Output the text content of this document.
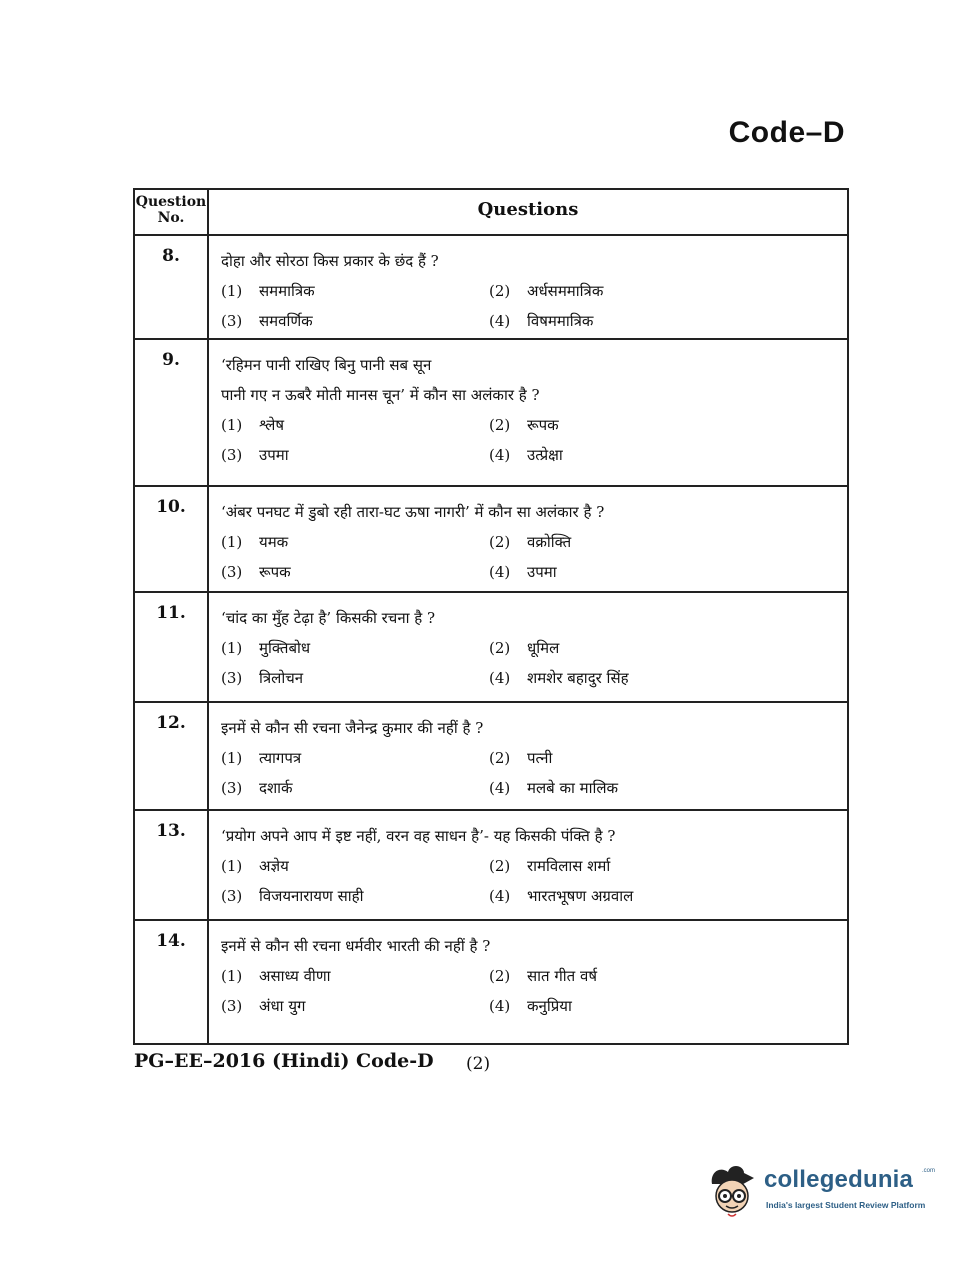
Code–D
Question
No.	Questions
8.	दोहा और सोरठा किस प्रकार के छंद हैं ?
(1)	सममात्रिक	(2)	अर्धसममात्रिक
(3)	समवर्णिक	(4)	विषममात्रिक
9.	‘रहिमन पानी राखिए बिनु पानी सब सून
पानी गए न ऊबरै मोती मानस चून’ में कौन सा अलंकार है ?
(1)	श्लेष	(2)	रूपक
(3)	उपमा	(4)	उत्प्रेक्षा
10.	‘अंबर पनघट में डुबो रही तारा-घट ऊषा नागरी’ में कौन सा अलंकार है ?
(1)	यमक	(2)	वक्रोक्ति
(3)	रूपक	(4)	उपमा
11.	‘चांद का मुँह टेढ़ा है’ किसकी रचना है ?
(1)	मुक्तिबोध	(2)	धूमिल
(3)	त्रिलोचन	(4)	शमशेर बहादुर सिंह
12.	इनमें से कौन सी रचना जैनेन्द्र कुमार की नहीं है ?
(1)	त्यागपत्र	(2)	पत्नी
(3)	दशार्क	(4)	मलबे का मालिक
13.	‘प्रयोग अपने आप में इष्ट नहीं, वरन वह साधन है’- यह किसकी पंक्ति है ?
(1)	अज्ञेय	(2)	रामविलास शर्मा
(3)	विजयनारायण साही	(4)	भारतभूषण अग्रवाल
14.	इनमें से कौन सी रचना धर्मवीर भारती की नहीं है ?
(1)	असाध्य वीणा	(2)	सात गीत वर्ष
(3)	अंधा युग	(4)	कनुप्रिया
PG–EE–2016 (Hindi) Code-D (2)
collegedunia .com
India's largest Student Review Platform
